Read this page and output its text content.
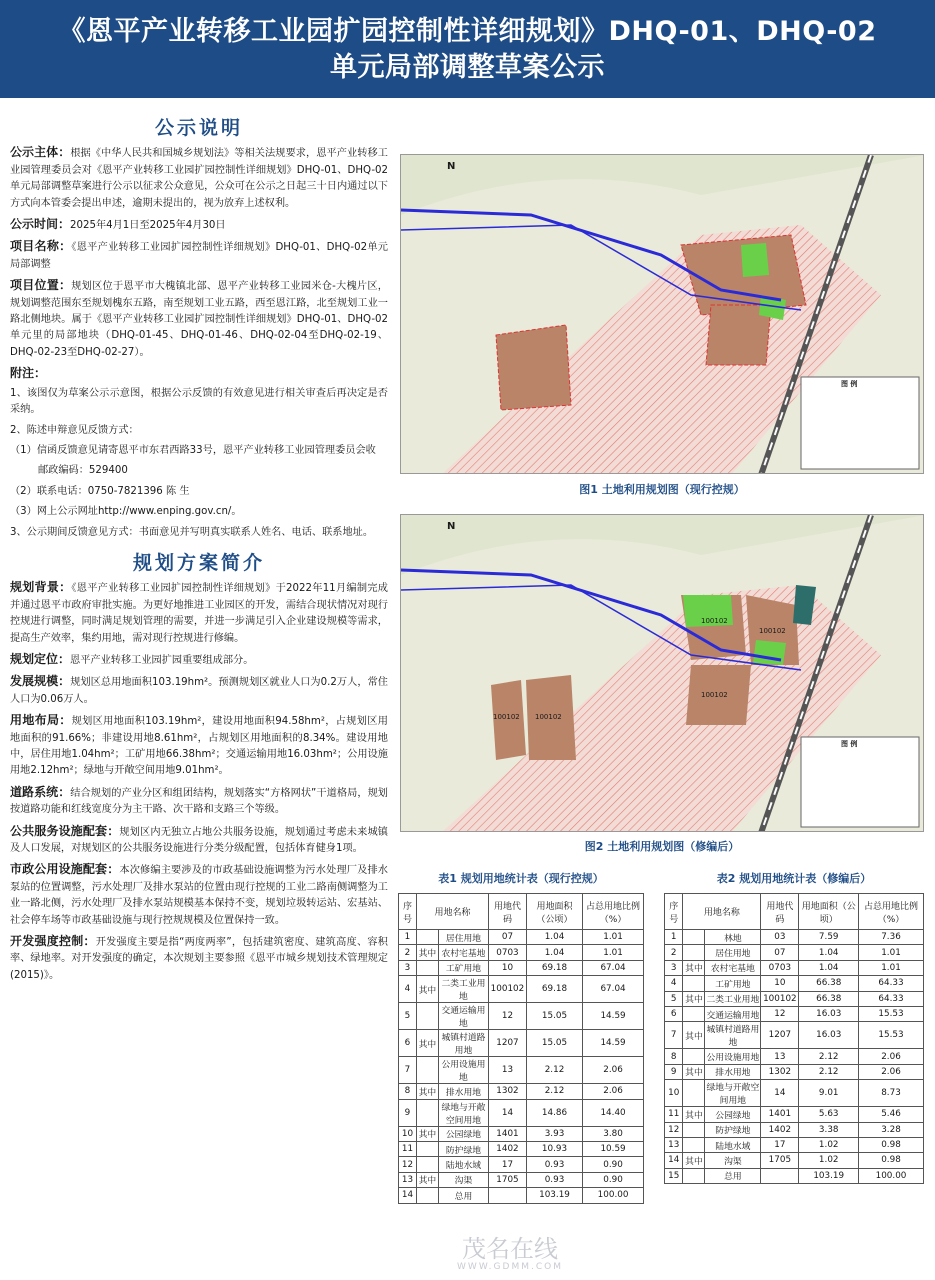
《恩平产业转移工业园扩园控制性详细规划》DHQ-01、DHQ-02
单元局部调整草案公示
公示说明

公示主体：根据《中华人民共和国城乡规划法》等相关法规要求，恩平产业转移工业园管理委员会对《恩平产业转移工业园扩园控制性详细规划》DHQ-01、DHQ-02单元局部调整草案进行公示以征求公众意见，公众可在公示之日起三十日内通过以下方式向本管委会提出申述，逾期未提出的，视为放弃上述权利。

公示时间：2025年4月1日至2025年4月30日

项目名称：《恩平产业转移工业园扩园控制性详细规划》DHQ-01、DHQ-02单元局部调整

项目位置：规划区位于恩平市大槐镇北部、恩平产业转移工业园米仓-大槐片区，规划调整范围东至规划槐东五路，南至规划工业五路，西至恩江路，北至规划工业一路北侧地块。属于《恩平产业转移工业园扩园控制性详细规划》DHQ-01、DHQ-02单元里的局部地块（DHQ-01-45、DHQ-01-46、DHQ-02-04至DHQ-02-19、DHQ-02-23至DHQ-02-27）。

附注：

1、该图仅为草案公示示意图，根据公示反馈的有效意见进行相关审查后再决定是否采纳。

2、陈述申辩意见反馈方式：

（1）信函反馈意见请寄恩平市东君西路33号，恩平产业转移工业园管理委员会收

邮政编码：529400

（2）联系电话：0750-7821396 陈 生

（3）网上公示网址http://www.enping.gov.cn/。

3、公示期间反馈意见方式：书面意见并写明真实联系人姓名、电话、联系地址。

规划方案简介

规划背景：《恩平产业转移工业园扩园控制性详细规划》于2022年11月编制完成并通过恩平市政府审批实施。为更好地推进工业园区的开发，需结合现状情况对现行控规进行调整，同时满足规划管理的需要，并进一步满足引入企业建设规模等需求，提高生产效率，集约用地，需对现行控规进行修编。

规划定位：恩平产业转移工业园扩园重要组成部分。

发展规模：规划区总用地面积103.19hm²。预测规划区就业人口为0.2万人，常住人口为0.06万人。

用地布局：规划区用地面积103.19hm²，建设用地面积94.58hm²，占规划区用地面积的91.66%；非建设用地8.61hm²，占规划区用地面积的8.34%。建设用地中，居住用地1.04hm²；工矿用地66.38hm²；交通运输用地16.03hm²；公用设施用地2.12hm²；绿地与开敞空间用地9.01hm²。

道路系统：结合规划的产业分区和组团结构，规划落实“方格网状”干道格局，规划按道路功能和红线宽度分为主干路、次干路和支路三个等级。

公共服务设施配套：规划区内无独立占地公共服务设施，规划通过考虑未来城镇及人口发展，对规划区的公共服务设施进行分类分级配置，包括体育健身1项。

市政公用设施配套：本次修编主要涉及的市政基础设施调整为污水处理厂及排水泵站的位置调整，污水处理厂及排水泵站的位置由现行控规的工业二路南侧调整为工业一路北侧，污水处理厂及排水泵站规模基本保持不变，规划垃圾转运站、宏基站、社会停车场等市政基础设施与现行控规规模及位置保持一致。

开发强度控制：开发强度主要是指“两度两率”，包括建筑密度、建筑高度、容积率、绿地率。对开发强度的确定，本次规划主要参照《恩平市城乡规划技术管理规定(2015)》。

N
图 例
图1 土地利用规划图（现行控规）
N
图 例
100102
100102
100102
100102 100102
图2 土地利用规划图（修编后）
表1 规划用地统计表（现行控规）
序号	用地名称		用地代码	用地面积（公顷）	占总用地比例（%）
1		居住用地	07	1.04	1.01
2	其中	农村宅基地	0703	1.04	1.01
3		工矿用地	10	69.18	67.04
4	其中	二类工业用地	100102	69.18	67.04
5		交通运输用地	12	15.05	14.59
6	其中	城镇村道路用地	1207	15.05	14.59
7		公用设施用地	13	2.12	2.06
8	其中	排水用地	1302	2.12	2.06
9		绿地与开敞空间用地	14	14.86	14.40
10	其中	公园绿地	1401	3.93	3.80
11		防护绿地	1402	10.93	10.59
12		陆地水域	17	0.93	0.90
13	其中	沟渠	1705	0.93	0.90
14		总用		103.19	100.00
表2 规划用地统计表（修编后）
序号	用地名称		用地代码	用地面积（公顷）	占总用地比例（%）
1		林地	03	7.59	7.36
2		居住用地	07	1.04	1.01
3	其中	农村宅基地	0703	1.04	1.01
4		工矿用地	10	66.38	64.33
5	其中	二类工业用地	100102	66.38	64.33
6		交通运输用地	12	16.03	15.53
7	其中	城镇村道路用地	1207	16.03	15.53
8		公用设施用地	13	2.12	2.06
9	其中	排水用地	1302	2.12	2.06
10		绿地与开敞空间用地	14	9.01	8.73
11	其中	公园绿地	1401	5.63	5.46
12		防护绿地	1402	3.38	3.28
13		陆地水域	17	1.02	0.98
14	其中	沟渠	1705	1.02	0.98
15		总用		103.19	100.00
茂名在线
WWW.GDMM.COM
